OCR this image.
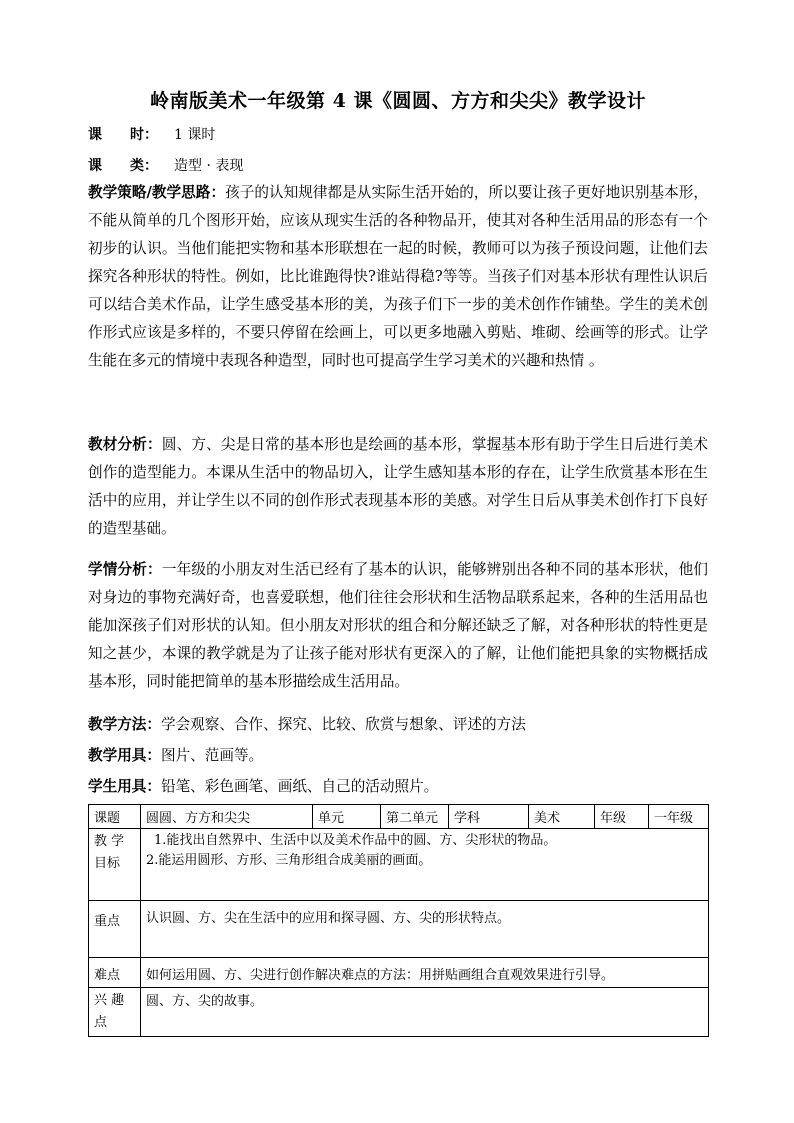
岭南版美术一年级第 4 课《圆圆、方方和尖尖》教学设计
课　　时： 1 课时
课　　类： 造型 · 表现
教学策略/教学思路：孩子的认知规律都是从实际生活开始的，所以要让孩子更好地识别基本形，不能从简单的几个图形开始，应该从现实生活的各种物品开，使其对各种生活用品的形态有一个初步的认识。当他们能把实物和基本形联想在一起的时候，教师可以为孩子预设问题，让他们去探究各种形状的特性。例如，比比谁跑得快?谁站得稳?等等。当孩子们对基本形状有理性认识后可以结合美术作品，让学生感受基本形的美，为孩子们下一步的美术创作作铺垫。学生的美术创作形式应该是多样的，不要只停留在绘画上，可以更多地融入剪贴、堆砌、绘画等的形式。让学生能在多元的情境中表现各种造型，同时也可提高学生学习美术的兴趣和热情 。
教材分析：圆、方、尖是日常的基本形也是绘画的基本形，掌握基本形有助于学生日后进行美术创作的造型能力。本课从生活中的物品切入，让学生感知基本形的存在，让学生欣赏基本形在生活中的应用，并让学生以不同的创作形式表现基本形的美感。对学生日后从事美术创作打下良好的造型基础。
学情分析：一年级的小朋友对生活已经有了基本的认识，能够辨别出各种不同的基本形状，他们对身边的事物充满好奇，也喜爱联想，他们往往会形状和生活物品联系起来，各种的生活用品也能加深孩子们对形状的认知。但小朋友对形状的组合和分解还缺乏了解，对各种形状的特性更是知之甚少，本课的教学就是为了让孩子能对形状有更深入的了解，让他们能把具象的实物概括成基本形，同时能把简单的基本形描绘成生活用品。
教学方法：学会观察、合作、探究、比较、欣赏与想象、评述的方法
教学用具：图片、范画等。
学生用具：铅笔、彩色画笔、画纸、自己的活动照片。
课题	圆圆、方方和尖尖	单元	第二单元	学科	美术	年级	一年级
教 学 目标	1.能找出自然界中、生活中以及美术作品中的圆、方、尖形状的物品。
2.能运用圆形、方形、三角形组合成美丽的画面。						

重点	认识圆、方、尖在生活中的应用和探寻圆、方、尖的形状特点。						
难点	如何运用圆、方、尖进行创作解决难点的方法：用拼贴画组合直观效果进行引导。						
兴 趣 点	圆、方、尖的故事。						
